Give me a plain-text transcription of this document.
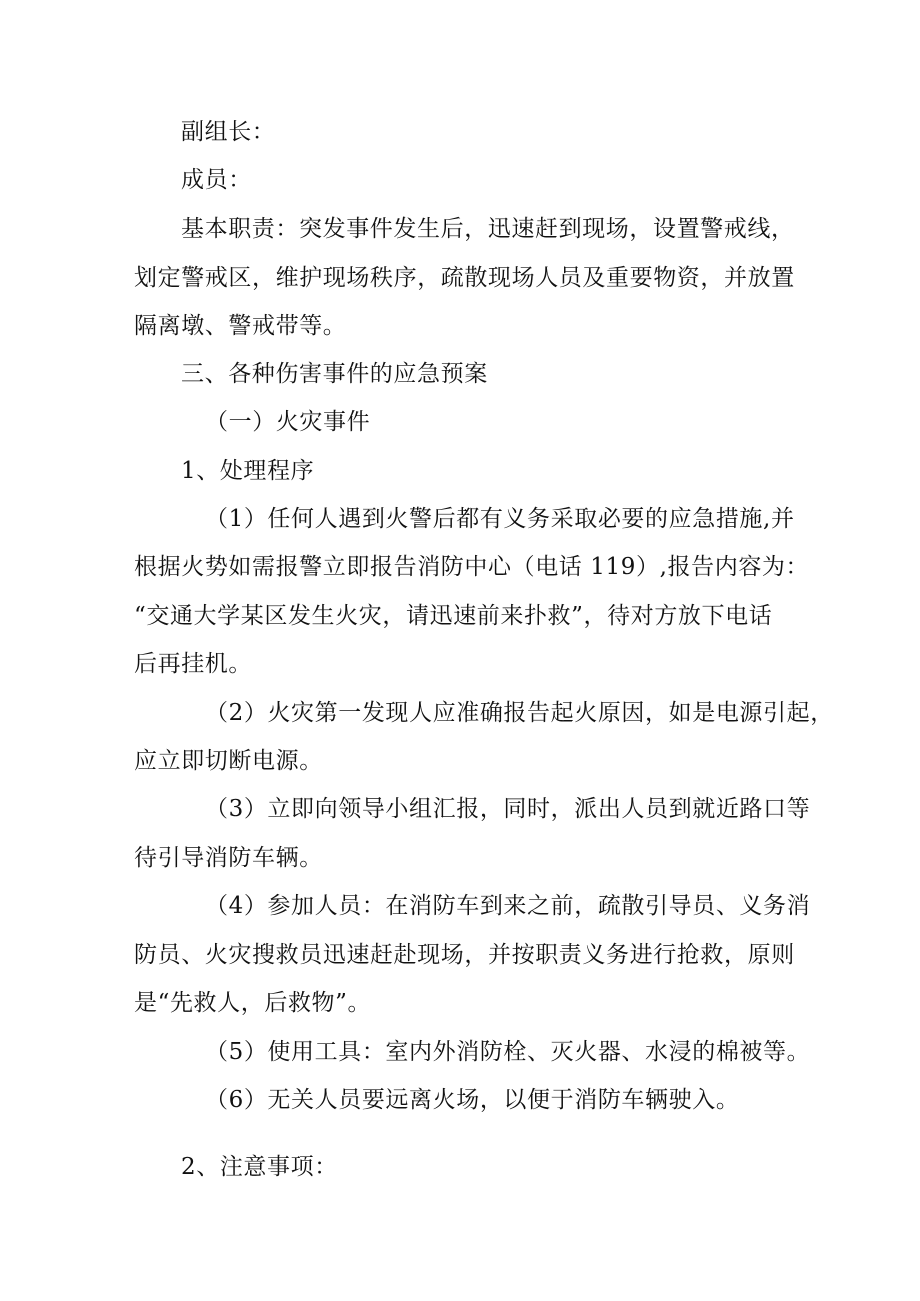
副组长：
成员：
基本职责：突发事件发生后，迅速赶到现场，设置警戒线，
划定警戒区，维护现场秩序，疏散现场人员及重要物资，并放置
隔离墩、警戒带等。
三、各种伤害事件的应急预案
（一）火灾事件
1、处理程序
（1）任何人遇到火警后都有义务采取必要的应急措施,并
根据火势如需报警立即报告消防中心（电话 119）,报告内容为：
“交通大学某区发生火灾，请迅速前来扑救”，待对方放下电话
后再挂机。
（2）火灾第一发现人应准确报告起火原因，如是电源引起，
应立即切断电源。
（3）立即向领导小组汇报，同时，派出人员到就近路口等
待引导消防车辆。
（4）参加人员：在消防车到来之前，疏散引导员、义务消
防员、火灾搜救员迅速赶赴现场，并按职责义务进行抢救，原则
是“先救人，后救物”。
（5）使用工具：室内外消防栓、灭火器、水浸的棉被等。
（6）无关人员要远离火场，以便于消防车辆驶入。
2、注意事项：
